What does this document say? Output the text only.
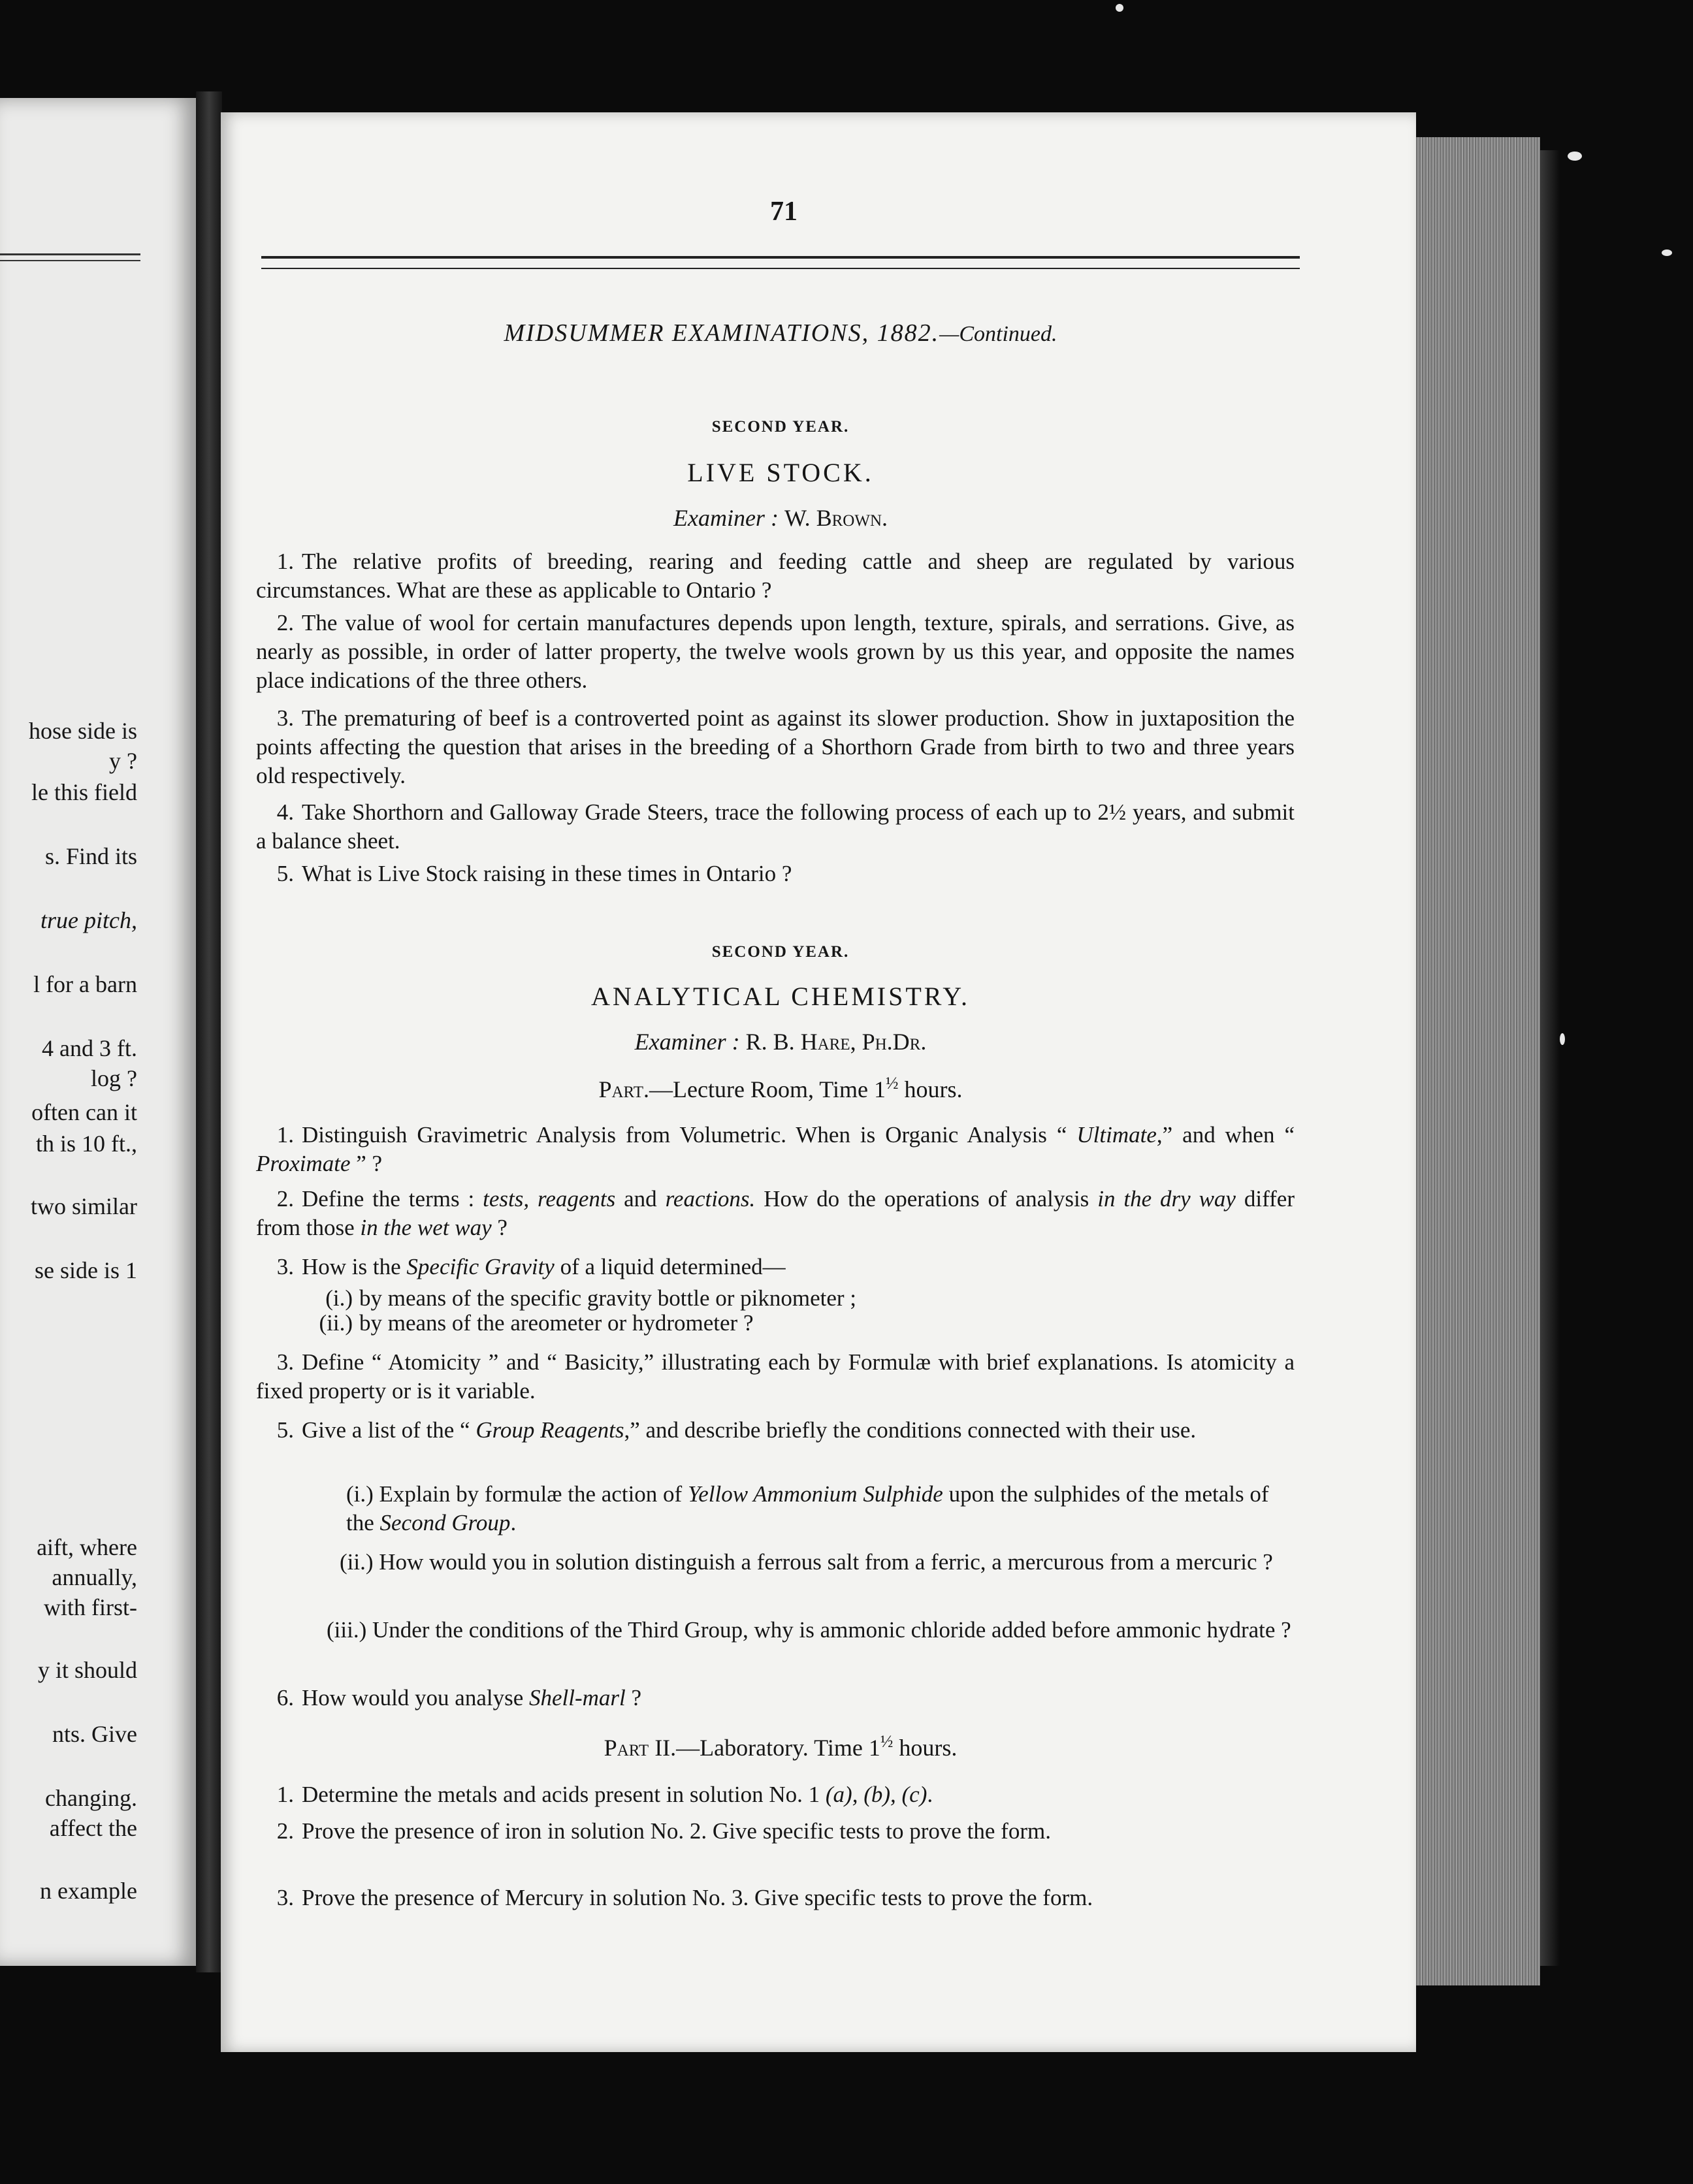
hose side is
y ?
le this field
s. Find its
true pitch,
l for a barn
4 and 3 ft.
log ?
often can it
th is 10 ft.,
two similar
se side is 1
aift, where
annually,
with first-
y it should
nts. Give
changing.
affect the
n example
71
MIDSUMMER EXAMINATIONS, 1882.—Continued.
SECOND YEAR.
LIVE STOCK.
Examiner : W. Brown.
1. The relative profits of breeding, rearing and feeding cattle and sheep are regulated by various circumstances. What are these as applicable to Ontario ?
2. The value of wool for certain manufactures depends upon length, texture, spirals, and serrations. Give, as nearly as possible, in order of latter property, the twelve wools grown by us this year, and opposite the names place indications of the three others.
3. The prematuring of beef is a controverted point as against its slower production. Show in juxtaposition the points affecting the question that arises in the breeding of a Shorthorn Grade from birth to two and three years old respectively.
4. Take Shorthorn and Galloway Grade Steers, trace the following process of each up to 2½ years, and submit a balance sheet.
5. What is Live Stock raising in these times in Ontario ?
SECOND YEAR.
ANALYTICAL CHEMISTRY.
Examiner : R. B. Hare, Ph.Dr.
Part.—Lecture Room, Time $1^{\frac{1}{2}}$ hours.
1. Distinguish Gravimetric Analysis from Volumetric. When is Organic Analysis “ Ultimate,” and when “ Proximate ” ?
2. Define the terms : tests, reagents and reactions. How do the operations of analysis in the dry way differ from those in the wet way ?
3. How is the Specific Gravity of a liquid determined—
(i.) by means of the specific gravity bottle or piknometer ;
(ii.) by means of the areometer or hydrometer ?
3. Define “ Atomicity ” and “ Basicity,” illustrating each by Formulæ with brief explanations. Is atomicity a fixed property or is it variable.
5. Give a list of the “ Group Reagents,” and describe briefly the conditions connected with their use.
(i.) Explain by formulæ the action of Yellow Ammonium Sulphide upon the sulphides of the metals of the Second Group.
(ii.) How would you in solution distinguish a ferrous salt from a ferric, a mercurous from a mercuric ?
(iii.) Under the conditions of the Third Group, why is ammonic chloride added before ammonic hydrate ?
6. How would you analyse Shell-marl ?
Part II.—Laboratory. Time $1^{\frac{1}{2}}$ hours.
1. Determine the metals and acids present in solution No. 1 (a), (b), (c).
2. Prove the presence of iron in solution No. 2. Give specific tests to prove the form.
3. Prove the presence of Mercury in solution No. 3. Give specific tests to prove the form.
